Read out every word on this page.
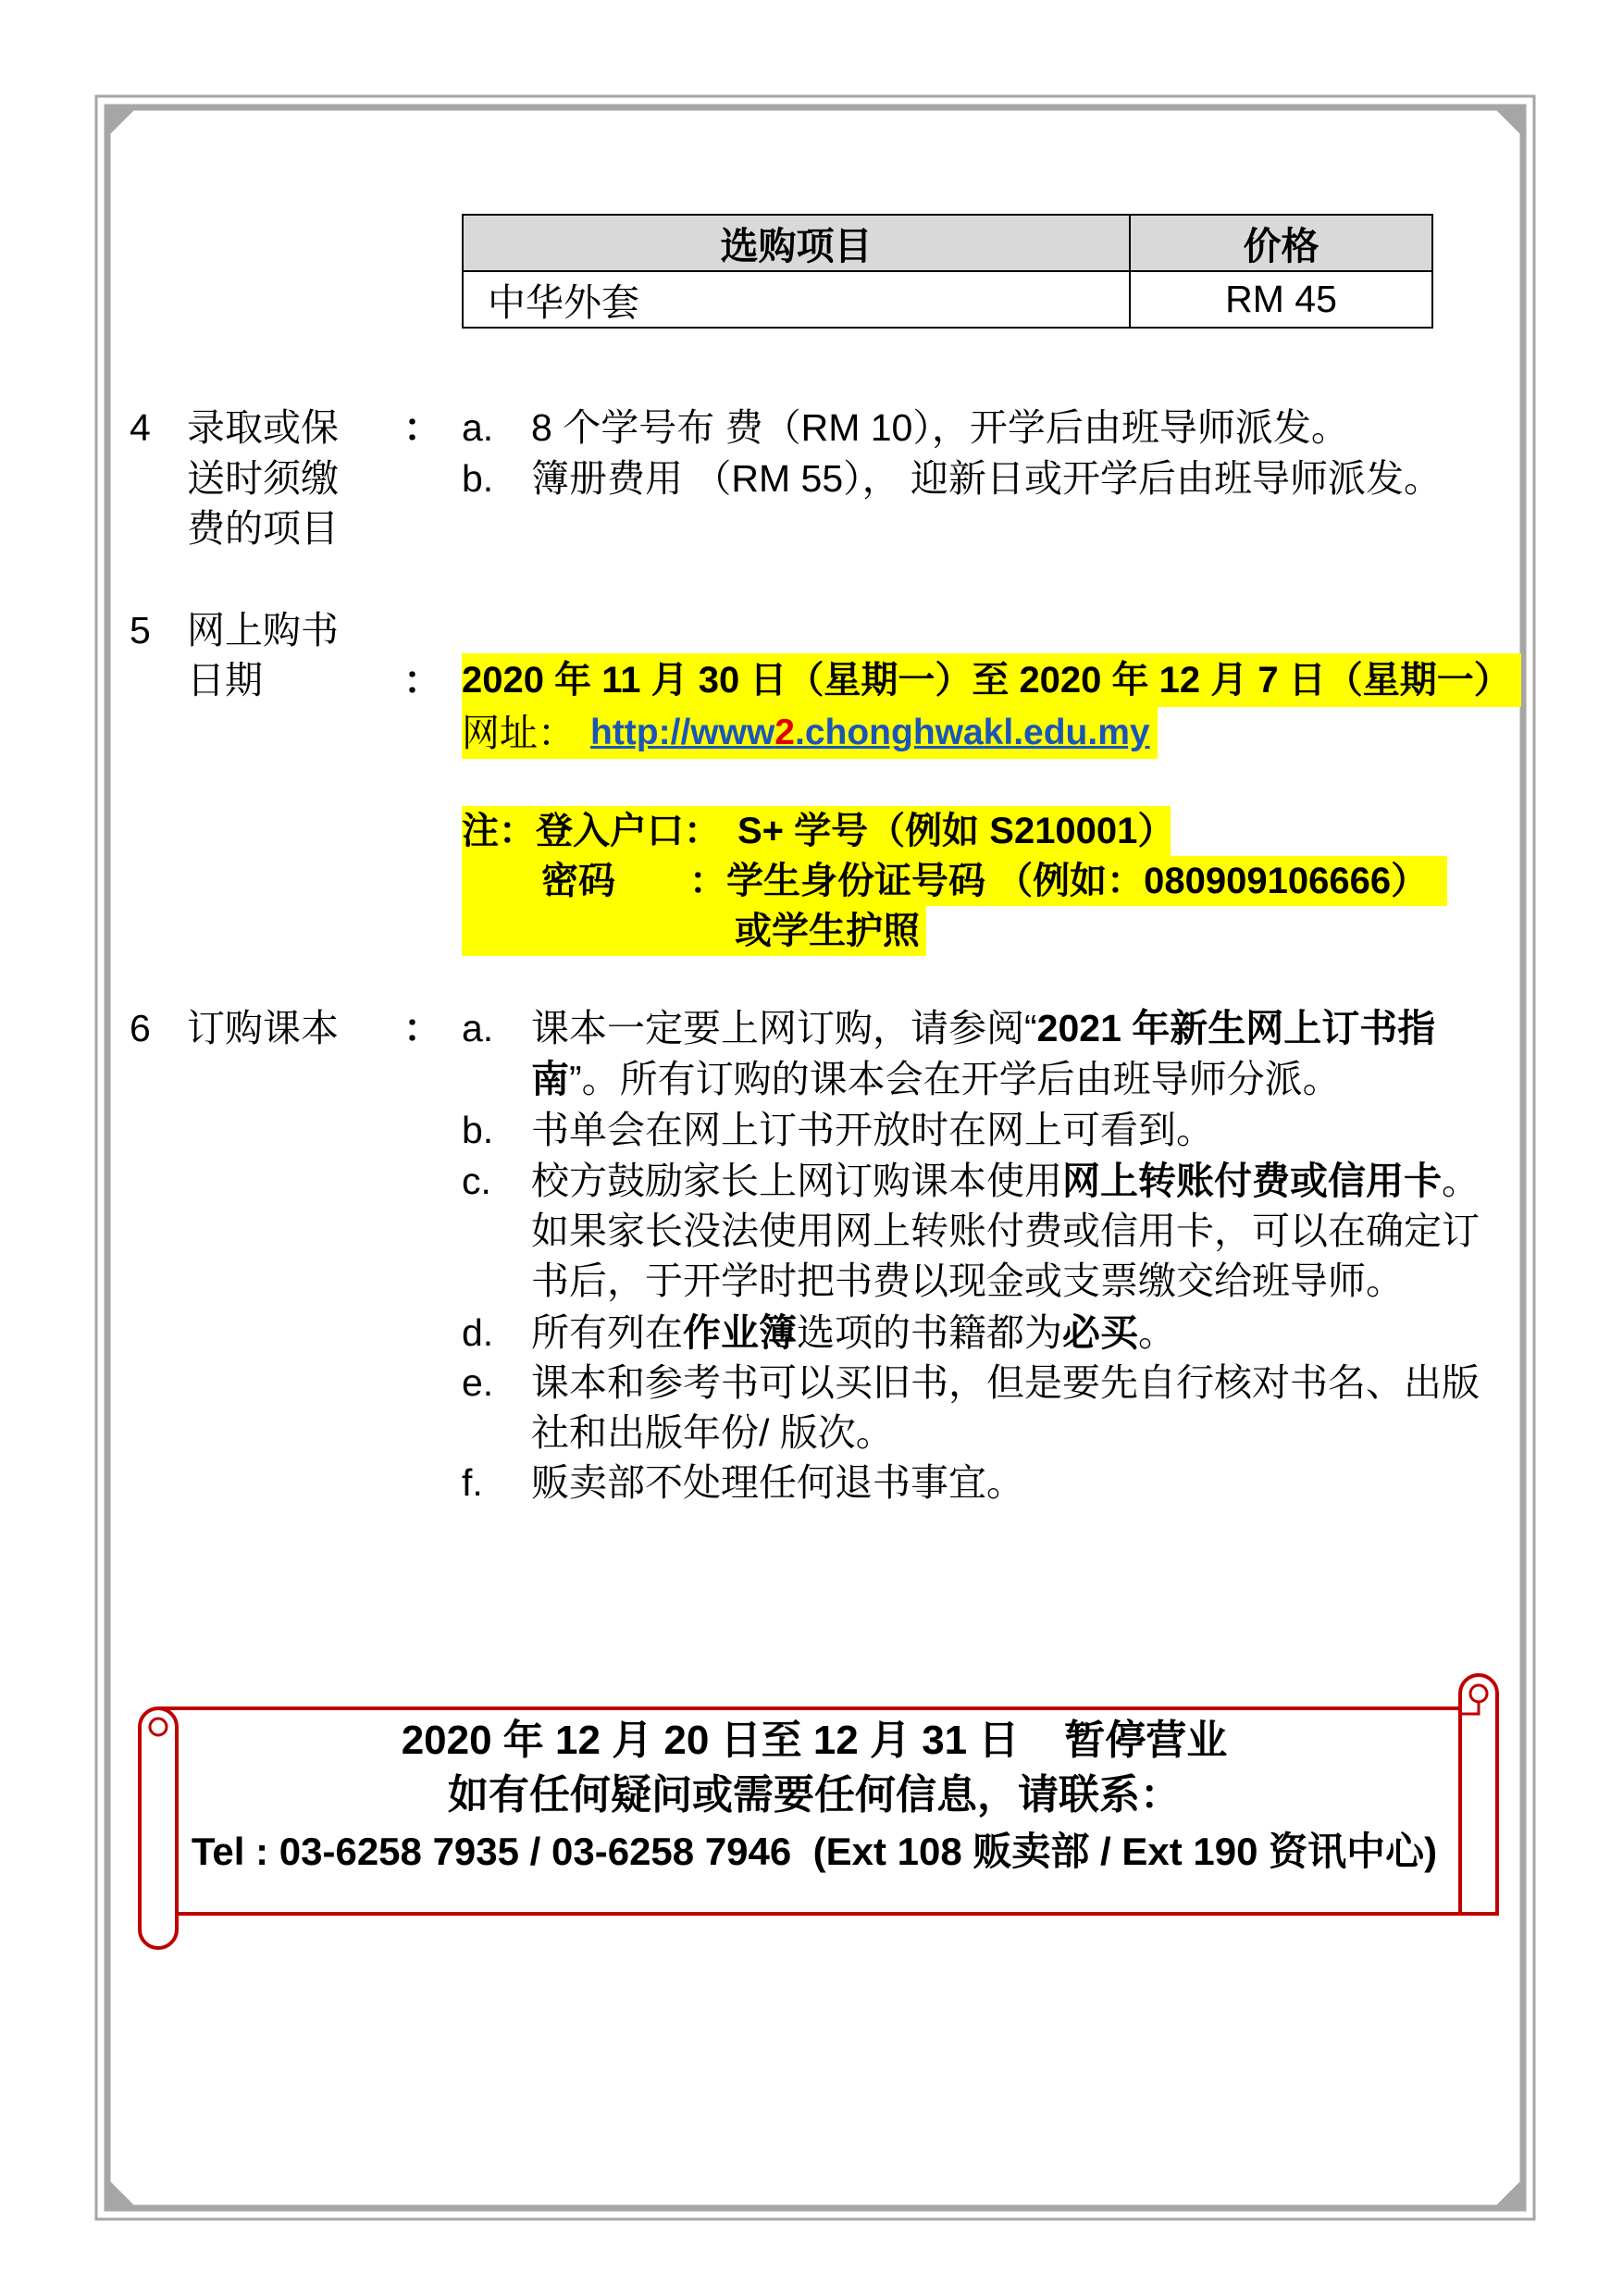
选购项目	价格
中华外套	RM 45
4 录取或保
送时须缴
费的项目
： a. 8 个学号布 费（RM 10），开学后由班导师派发。
b. 簿册费用 （RM 55）， 迎新日或开学后由班导师派发。
5 网上购书
日期	： 2020 年 11 月 30 日（星期一）至 2020 年 12 月 7 日（星期一）
网址： http://www2.chonghwakl.edu.my
注：登入户口： S+ 学号（例如 S210001）
密码 ：学生身份证号码 （例如：080909106666）
或学生护照
6 订购课本 ： a. 课本一定要上网订购，请参阅“2021 年新生网上订书指
南”。所有订购的课本会在开学后由班导师分派。
b. 书单会在网上订书开放时在网上可看到。
c. 校方鼓励家长上网订购课本使用网上转账付费或信用卡。
如果家长没法使用网上转账付费或信用卡，可以在确定订
书后，于开学时把书费以现金或支票缴交给班导师。
d. 所有列在作业簿选项的书籍都为必买。
e. 课本和参考书可以买旧书，但是要先自行核对书名、出版
社和出版年份/ 版次。
f. 贩卖部不处理任何退书事宜。
2020 年 12 月 20 日至 12 月 31 日    暂停营业
如有任何疑问或需要任何信息，请联系：
Tel : 03-6258 7935 / 03-6258 7946  (Ext 108 贩卖部 / Ext 190 资讯中心)
